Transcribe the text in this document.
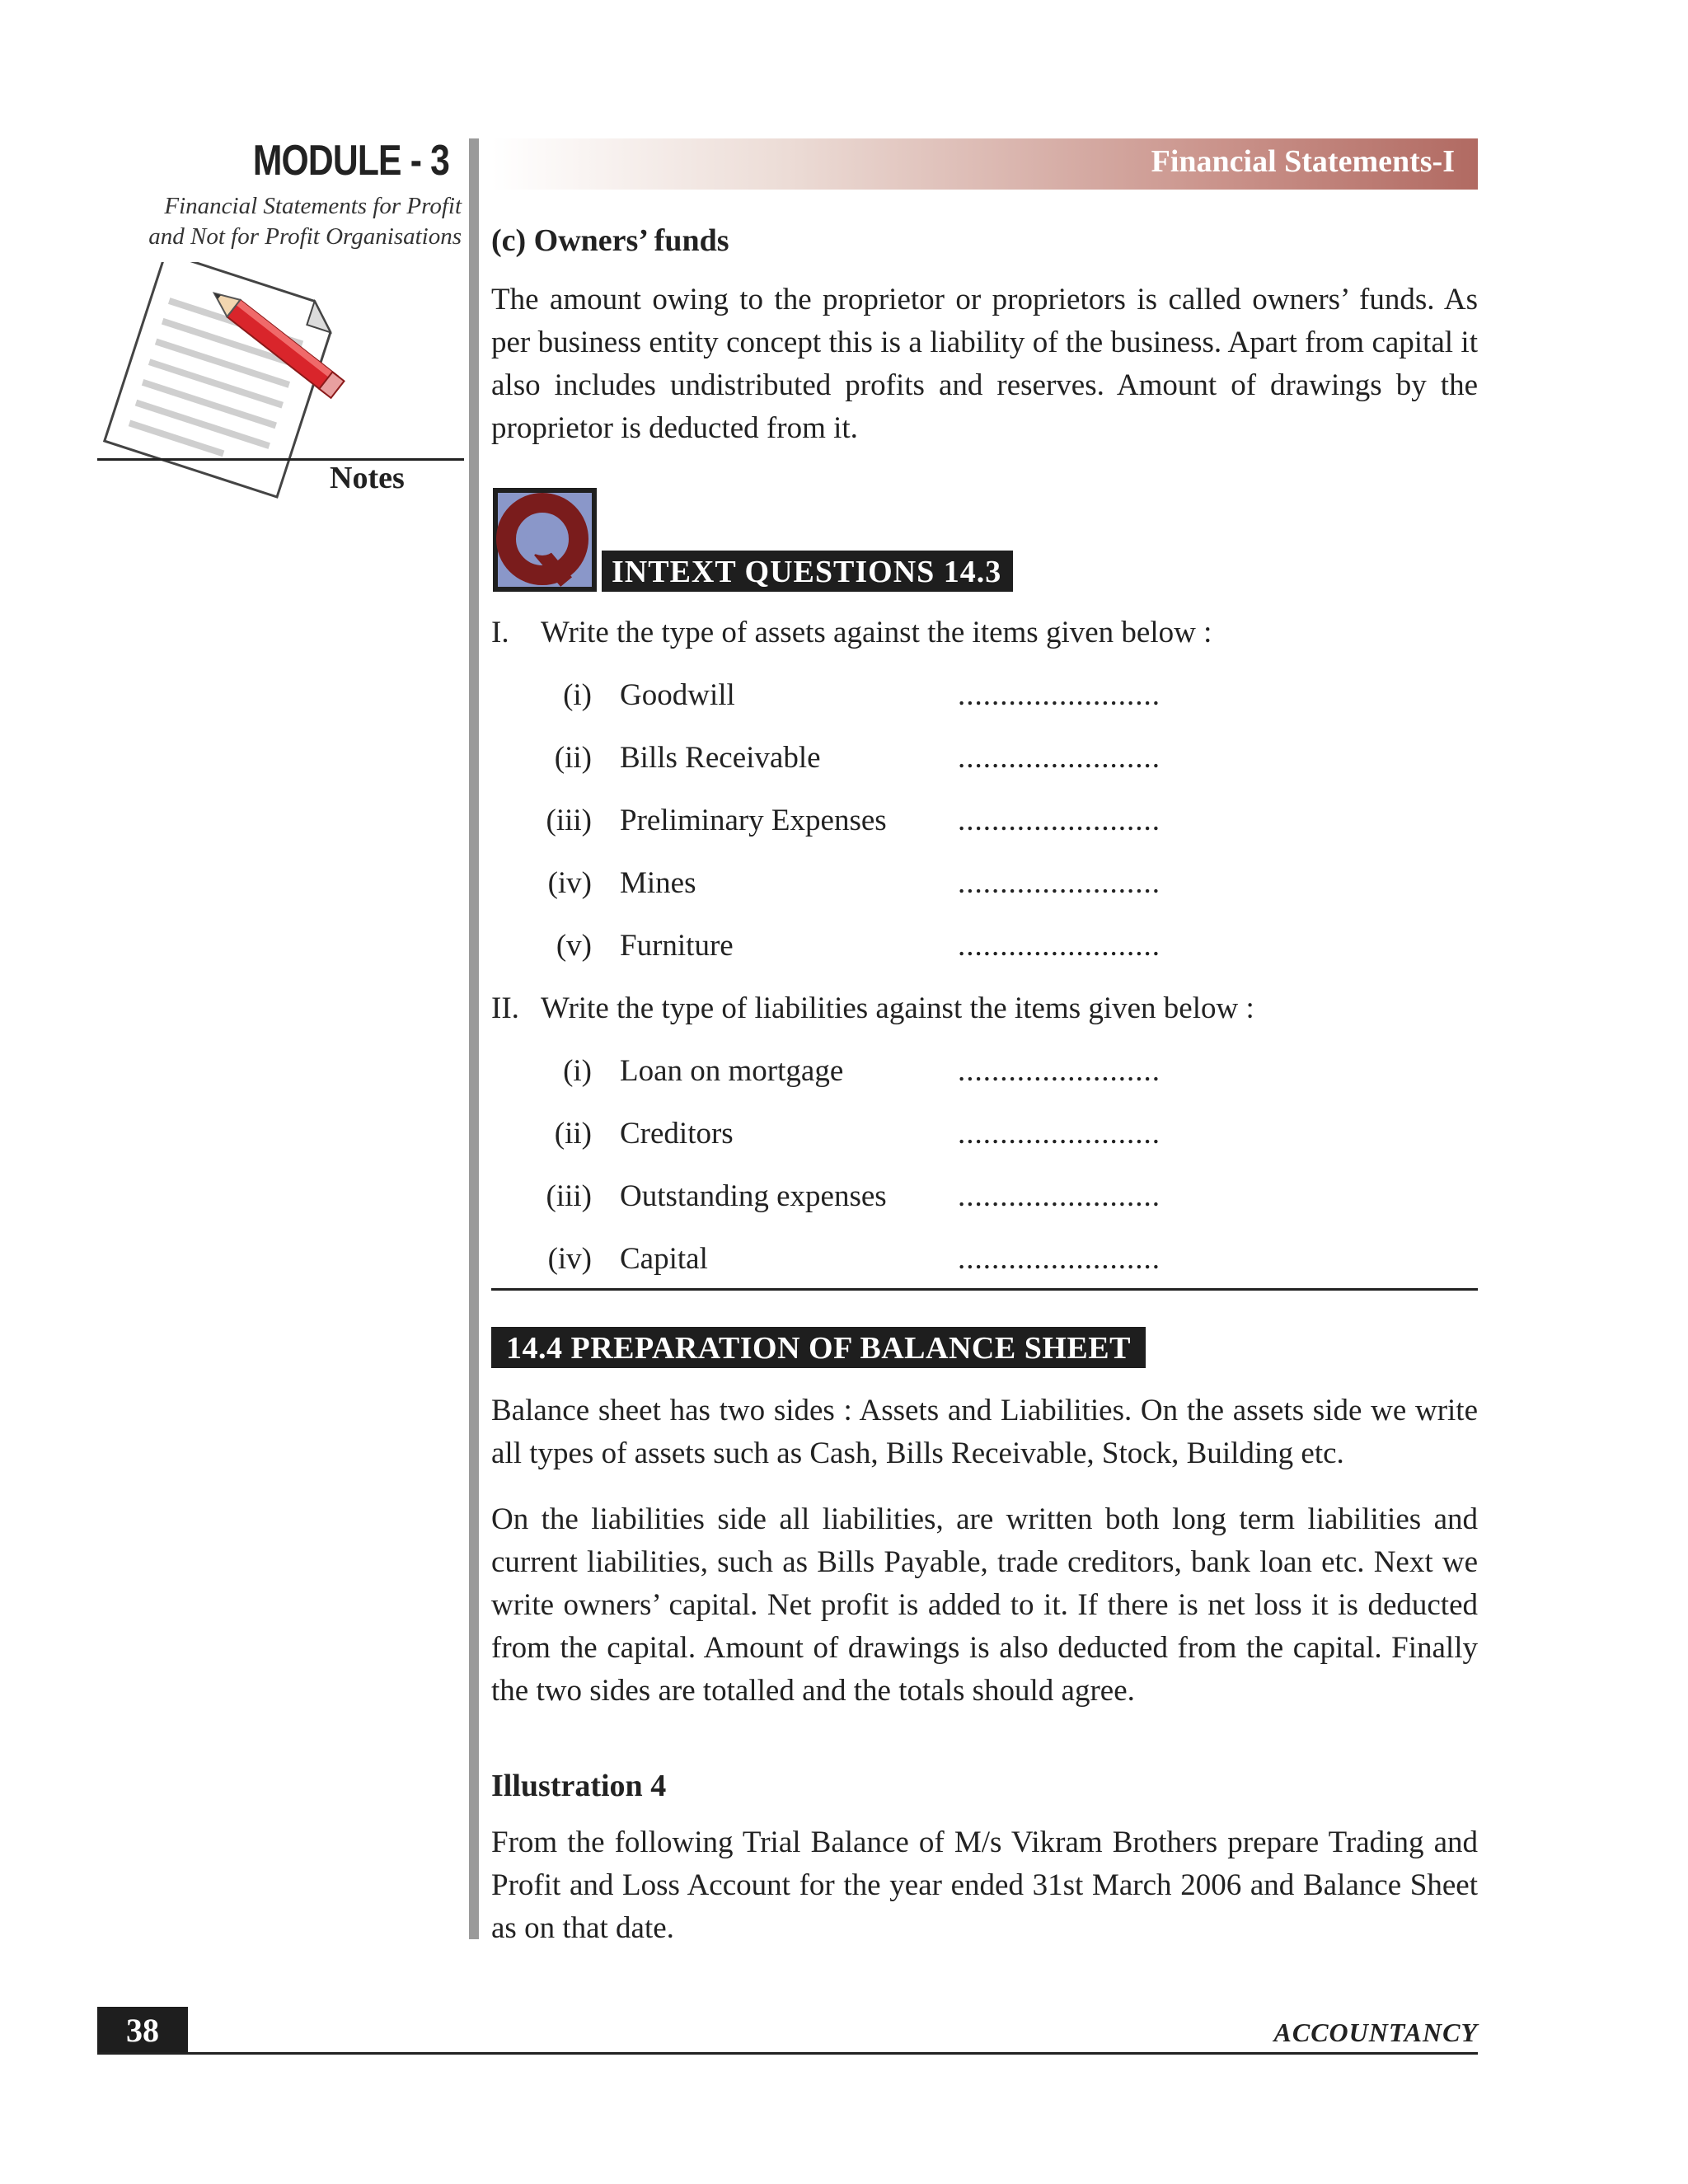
MODULE - 3
Financial Statements for Profit
and Not for Profit Organisations
Notes
Financial Statements-I
(c) Owners’ funds
The amount owing to the proprietor or proprietors is called owners’ funds. As per business entity concept this is a liability of the business. Apart from capital it also includes undistributed profits and reserves. Amount of drawings by the proprietor is deducted from it.
INTEXT QUESTIONS 14.3
I. Write the type of assets against the items given below :
(i) Goodwill	........................
(ii) Bills Receivable	........................
(iii) Preliminary Expenses ........................
(iv) Mines	........................
(v) Furniture	........................
II. Write the type of liabilities against the items given below :
(i) Loan on mortgage	........................
(ii) Creditors	........................
(iii) Outstanding expenses ........................
(iv) Capital	........................
14.4 PREPARATION OF BALANCE SHEET
Balance sheet has two sides : Assets and Liabilities. On the assets side we write all types of assets such as Cash, Bills Receivable, Stock, Building etc.
On the liabilities side all liabilities, are written both long term liabilities and current liabilities, such as Bills Payable, trade creditors, bank loan etc. Next we write owners’ capital. Net profit is added to it. If there is net loss it is deducted from the capital. Amount of drawings is also deducted from the capital. Finally the two sides are totalled and the totals should agree.
Illustration 4
From the following Trial Balance of M/s Vikram Brothers prepare Trading and Profit and Loss Account for the year ended 31st March 2006 and Balance Sheet as on that date.
38	ACCOUNTANCY
